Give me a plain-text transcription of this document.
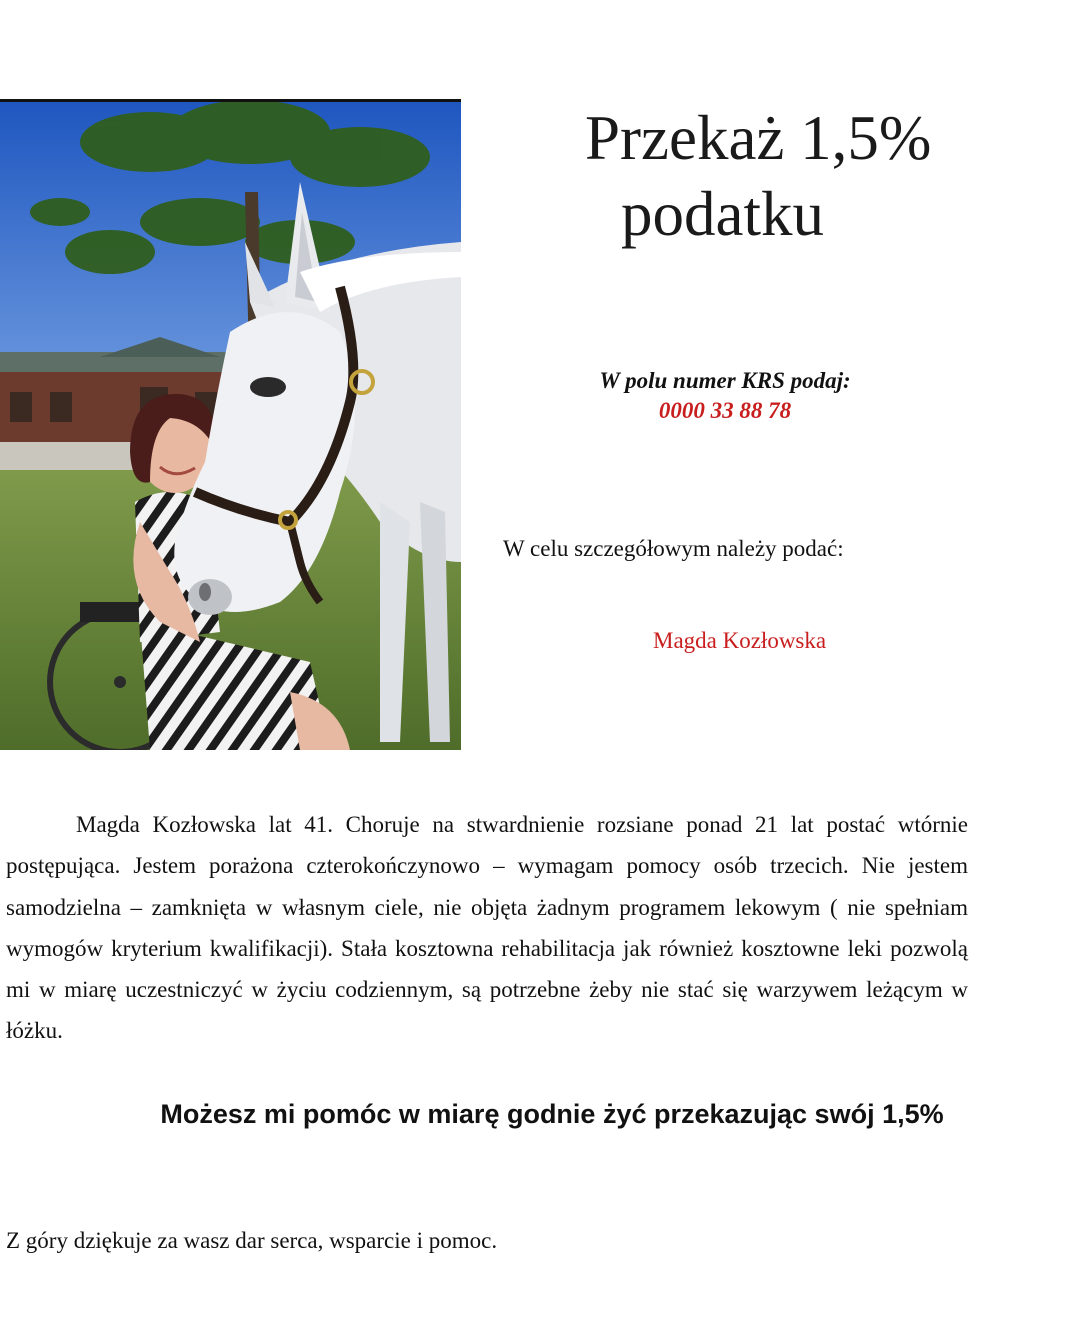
Przekaż 1,5%
podatku
W polu numer KRS podaj:
0000 33 88 78
W celu szczegółowym należy podać:
Magda Kozłowska

Magda Kozłowska lat 41. Choruje na stwardnienie rozsiane ponad 21 lat postać wtórnie postępująca. Jestem porażona czterokończynowo – wymagam pomocy osób trzecich. Nie jestem samodzielna – zamknięta w własnym ciele, nie objęta żadnym programem lekowym ( nie spełniam wymogów kryterium kwalifikacji). Stała kosztowna rehabilitacja jak również kosztowne leki pozwolą mi w miarę uczestniczyć w życiu codziennym, są potrzebne żeby nie stać się warzywem leżącym w łóżku.

Możesz mi pomóc w miarę godnie żyć przekazując swój 1,5%
Z góry dziękuje za wasz dar serca, wsparcie i pomoc.
